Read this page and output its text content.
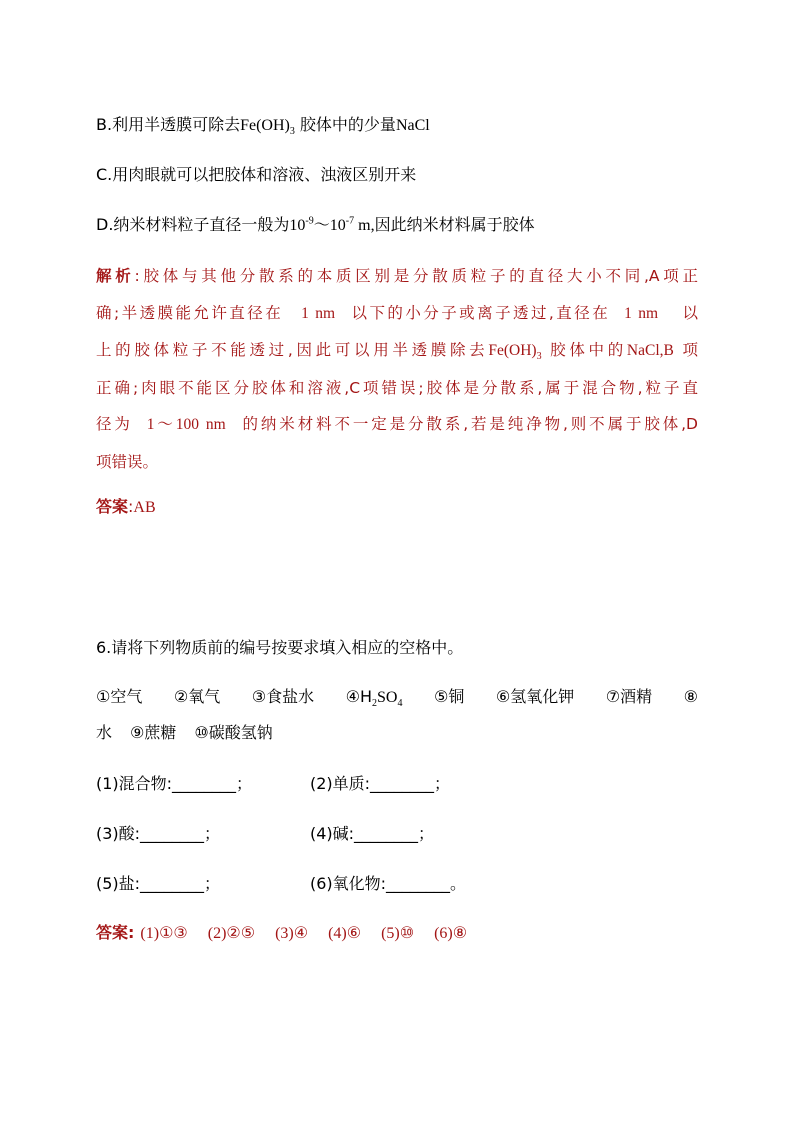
B.利用半透膜可除去$Fe(OH)_3$ 胶体中的少量NaCl
C.用肉眼就可以把胶体和溶液、浊液区别开来
D.纳米材料粒子直径一般为$10^{-9}\sim 10^{-7}$ m,因此纳米材料属于胶体

解析:胶体与其他分散系的本质区别是分散质粒子的直径大小不同,A项正

确;半透膜能允许直径在 1 nm 以下的小分子或离子透过,直径在 1 nm 以

上的胶体粒子不能透过,因此可以用半透膜除去$Fe(OH)_3$ 胶体中的NaCl,B 项

正确;肉眼不能区分胶体和溶液,C项错误;胶体是分散系,属于混合物,粒子直

径为 1～100 nm 的纳米材料不一定是分散系,若是纯净物,则不属于胶体,D

项错误。

答案:AB
6.请将下列物质前的编号按要求填入相应的空格中。
①空气 ②氧气 ③食盐水 $④H_2SO_4$ ⑤铜 ⑥氢氧化钾 ⑦酒精 ⑧
水 ⑨蔗糖 ⑩碳酸氢钠
(1)混合物:________；	(2)单质:________；
(3)酸:________；	(4)碱:________；
(5)盐:________；	(6)氧化物:________。
答案: (1)①③ (2)②⑤ (3)④ (4)⑥ (5)⑩ (6)⑧
